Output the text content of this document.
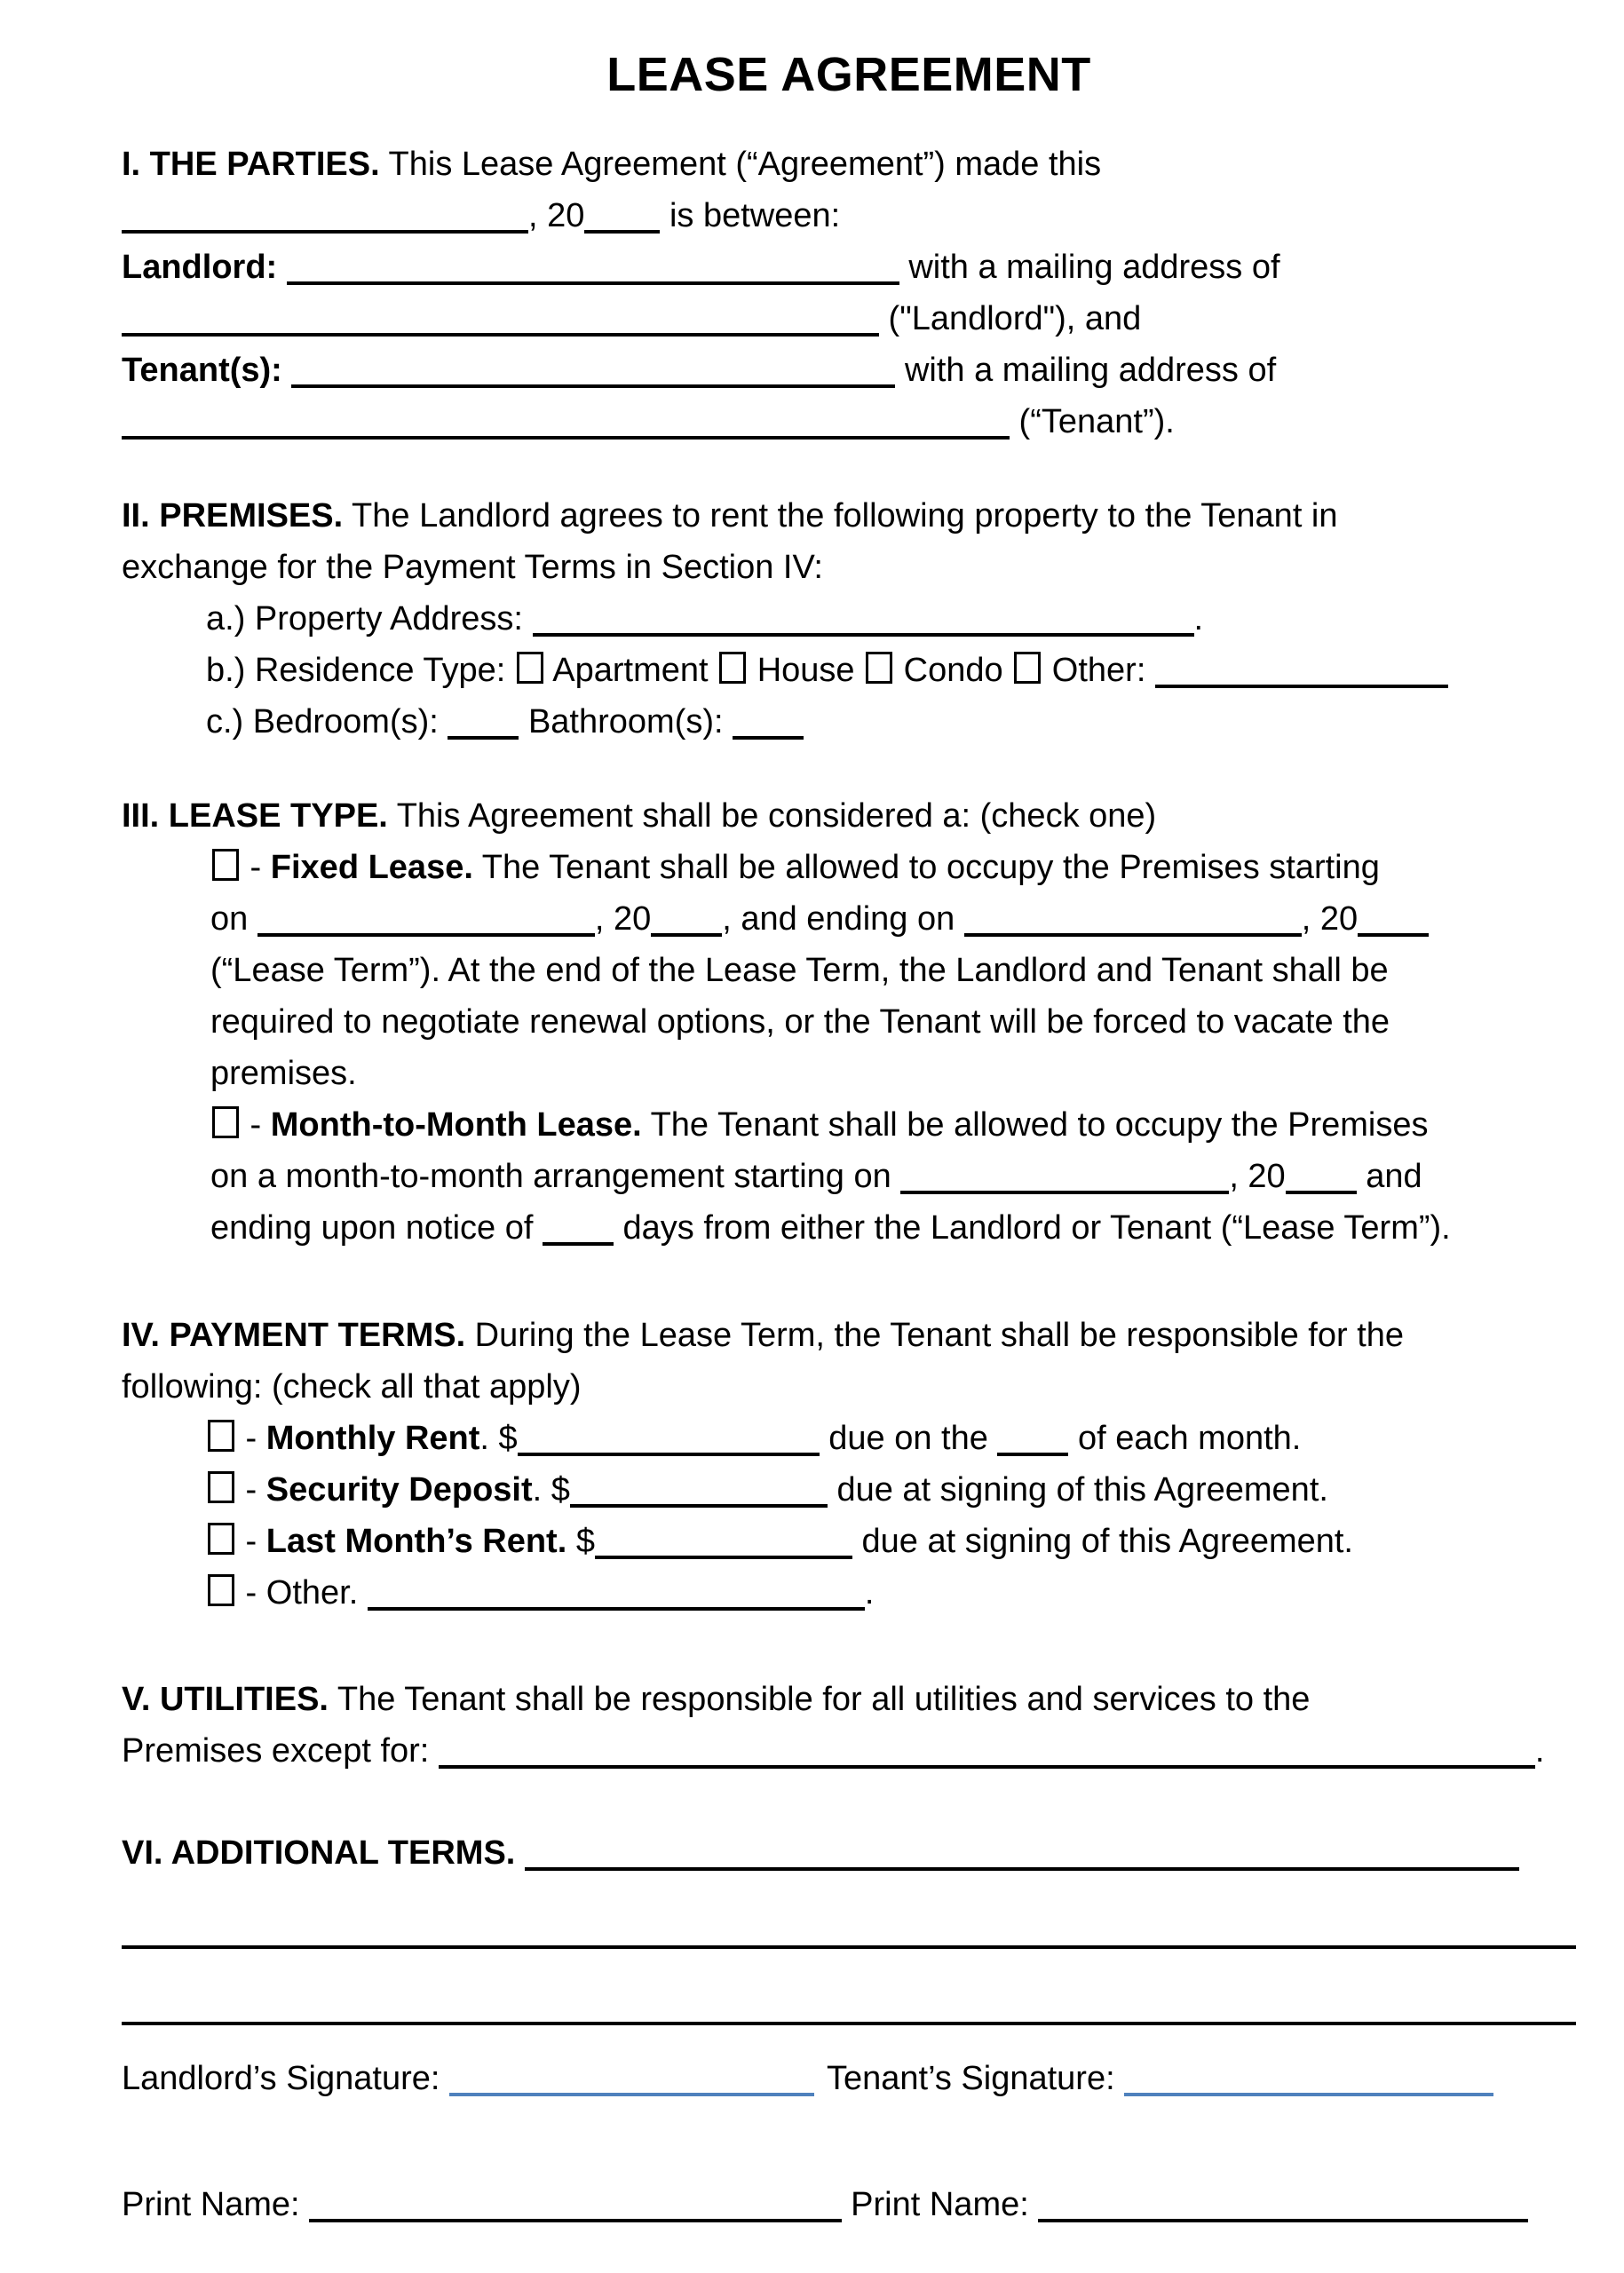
LEASE AGREEMENT
I. THE PARTIES. This Lease Agreement (“Agreement”) made this
, 20 is between:
Landlord:	with a mailing address of
("Landlord"), and
Tenant(s):	with a mailing address of
(“Tenant”).
II. PREMISES. The Landlord agrees to rent the following property to the Tenant in
exchange for the Payment Terms in Section IV:
a.) Property Address:	.
b.) Residence Type:  Apartment  House  Condo  Other:
c.) Bedroom(s):  Bathroom(s):
III. LEASE TYPE. This Agreement shall be considered a: (check one)
- Fixed Lease. The Tenant shall be allowed to occupy the Premises starting
on	, 20 , and ending on	, 20
(“Lease Term”). At the end of the Lease Term, the Landlord and Tenant shall be
required to negotiate renewal options, or the Tenant will be forced to vacate the
premises.
- Month-to-Month Lease. The Tenant shall be allowed to occupy the Premises
on a month-to-month arrangement starting on	, 20 and
ending upon notice of  days from either the Landlord or Tenant (“Lease Term”).
IV. PAYMENT TERMS. During the Lease Term, the Tenant shall be responsible for the
following: (check all that apply)
- Monthly Rent. $	due on the  of each month.
- Security Deposit. $	due at signing of this Agreement.
- Last Month’s Rent. $	due at signing of this Agreement.
- Other.	.
V. UTILITIES. The Tenant shall be responsible for all utilities and services to the
Premises except for:	.
VI. ADDITIONAL TERMS.
Landlord’s Signature:	Tenant’s Signature:
Print Name:	Print Name:
